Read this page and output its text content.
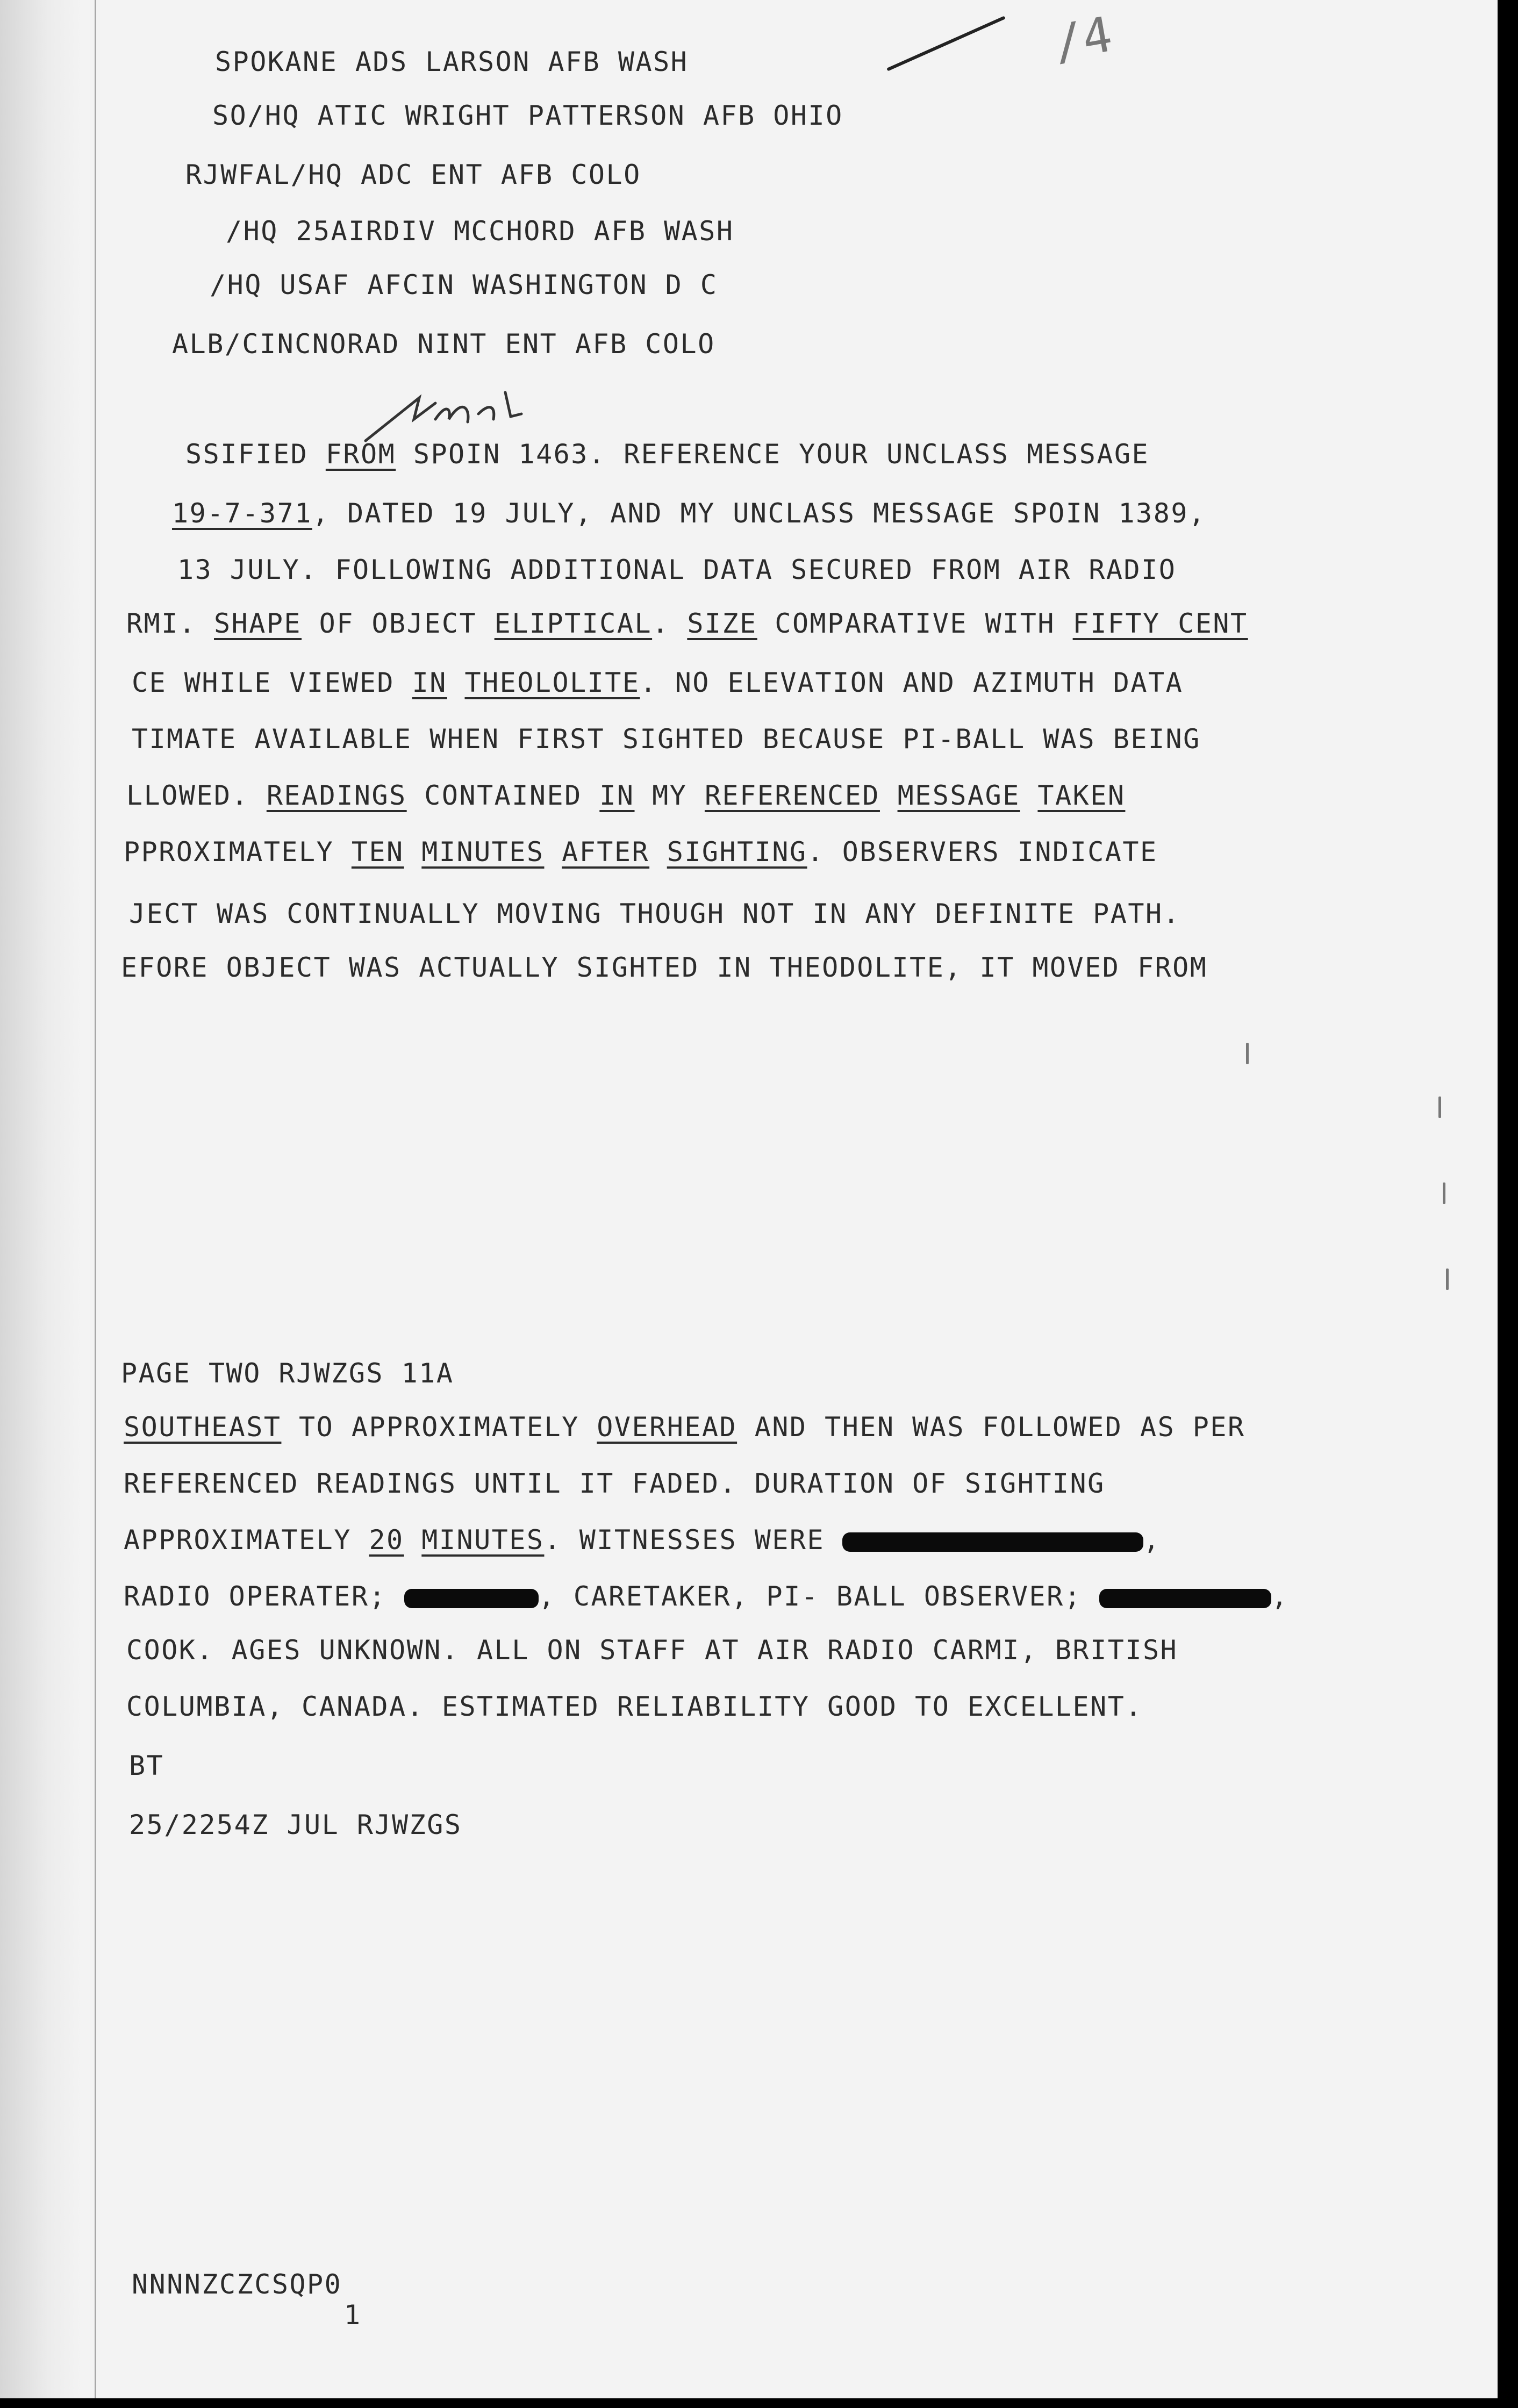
/4
SPOKANE ADS LARSON AFB WASH
SO/HQ ATIC WRIGHT PATTERSON AFB OHIO
RJWFAL/HQ ADC ENT AFB COLO
/HQ 25AIRDIV MCCHORD AFB WASH
/HQ USAF AFCIN WASHINGTON D C
ALB/CINCNORAD NINT ENT AFB COLO
SSIFIED FROM SPOIN 1463. REFERENCE YOUR UNCLASS MESSAGE
19-7-371, DATED 19 JULY, AND MY UNCLASS MESSAGE SPOIN 1389,
13 JULY. FOLLOWING ADDITIONAL DATA SECURED FROM AIR RADIO
RMI. SHAPE OF OBJECT ELIPTICAL. SIZE COMPARATIVE WITH FIFTY CENT
CE WHILE VIEWED IN THEOLOLITE. NO ELEVATION AND AZIMUTH DATA
TIMATE AVAILABLE WHEN FIRST SIGHTED BECAUSE PI-BALL WAS BEING
LLOWED. READINGS CONTAINED IN MY REFERENCED MESSAGE TAKEN
PPROXIMATELY TEN MINUTES AFTER SIGHTING. OBSERVERS INDICATE
JECT WAS CONTINUALLY MOVING THOUGH NOT IN ANY DEFINITE PATH.
EFORE OBJECT WAS ACTUALLY SIGHTED IN THEODOLITE, IT MOVED FROM
PAGE TWO RJWZGS 11A
SOUTHEAST TO APPROXIMATELY OVERHEAD AND THEN WAS FOLLOWED AS PER
REFERENCED READINGS UNTIL IT FADED. DURATION OF SIGHTING
APPROXIMATELY 20 MINUTES. WITNESSES WERE	,
RADIO OPERATER;	, CARETAKER, PI- BALL OBSERVER;	,
COOK. AGES UNKNOWN. ALL ON STAFF AT AIR RADIO CARMI, BRITISH
COLUMBIA, CANADA. ESTIMATED RELIABILITY GOOD TO EXCELLENT.
BT
25/2254Z JUL RJWZGS
NNNNZCZCSQP0
1
